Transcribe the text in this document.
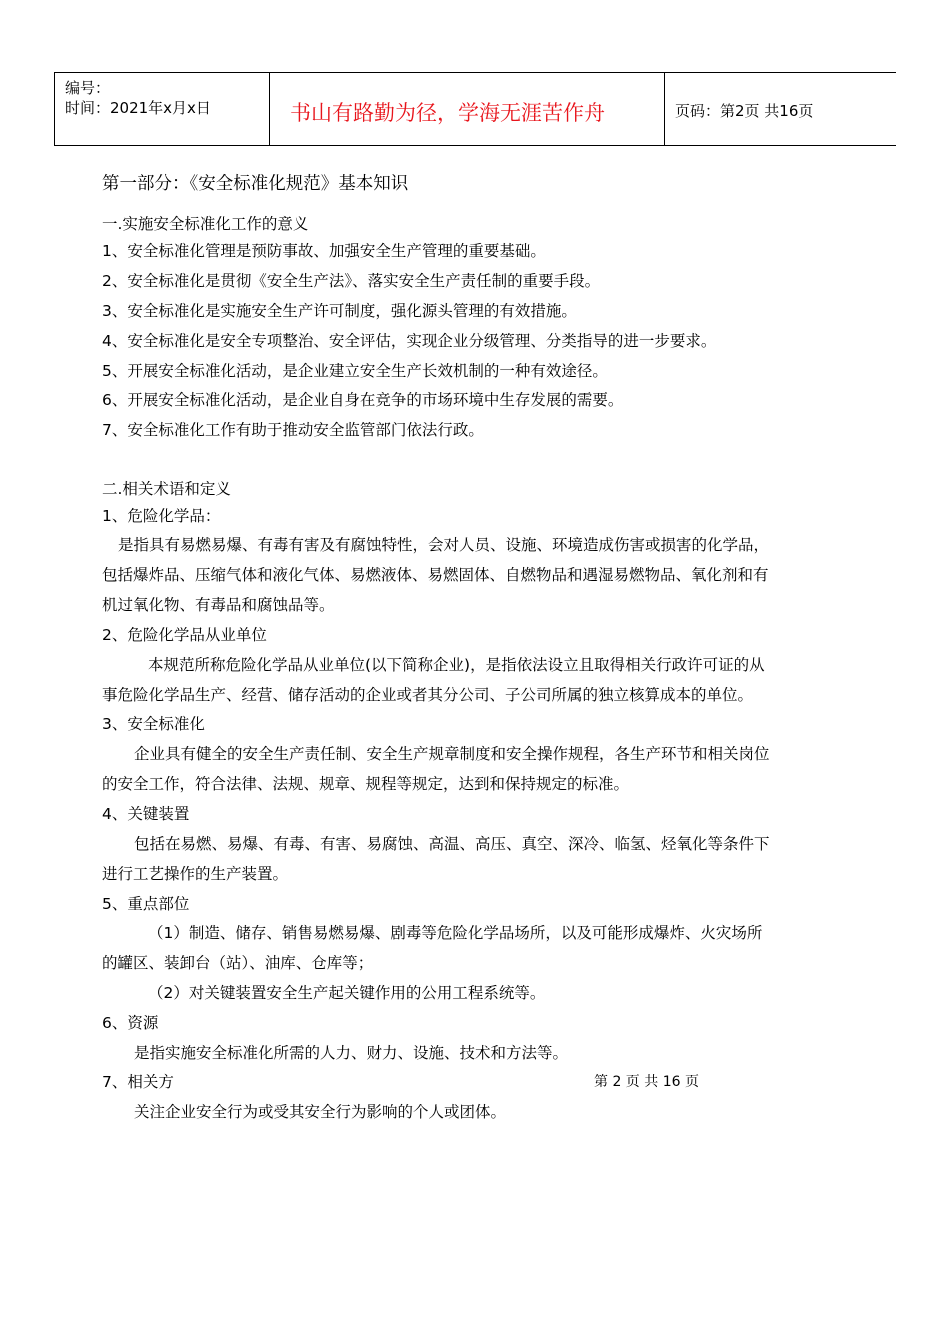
编号：
时间：2021年x月x日	书山有路勤为径，学海无涯苦作舟	页码：第2页 共16页
第一部分：《安全标准化规范》基本知识
一.实施安全标准化工作的意义
1、安全标准化管理是预防事故、加强安全生产管理的重要基础。
2、安全标准化是贯彻《安全生产法》、落实安全生产责任制的重要手段。
3、安全标准化是实施安全生产许可制度，强化源头管理的有效措施。
4、安全标准化是安全专项整治、安全评估，实现企业分级管理、分类指导的进一步要求。
5、开展安全标准化活动，是企业建立安全生产长效机制的一种有效途径。
6、开展安全标准化活动，是企业自身在竞争的市场环境中生存发展的需要。
7、安全标准化工作有助于推动安全监管部门依法行政。
二.相关术语和定义
1、危险化学品：
是指具有易燃易爆、有毒有害及有腐蚀特性，会对人员、设施、环境造成伤害或损害的化学品，
包括爆炸品、压缩气体和液化气体、易燃液体、易燃固体、自燃物品和遇湿易燃物品、氧化剂和有
机过氧化物、有毒品和腐蚀品等。
2、危险化学品从业单位
本规范所称危险化学品从业单位(以下简称企业)，是指依法设立且取得相关行政许可证的从
事危险化学品生产、经营、储存活动的企业或者其分公司、子公司所属的独立核算成本的单位。
3、安全标准化
企业具有健全的安全生产责任制、安全生产规章制度和安全操作规程，各生产环节和相关岗位
的安全工作，符合法律、法规、规章、规程等规定，达到和保持规定的标准。
4、关键装置
包括在易燃、易爆、有毒、有害、易腐蚀、高温、高压、真空、深冷、临氢、烃氧化等条件下
进行工艺操作的生产装置。
5、重点部位
（1）制造、储存、销售易燃易爆、剧毒等危险化学品场所，以及可能形成爆炸、火灾场所
的罐区、装卸台（站）、油库、仓库等；
（2）对关键装置安全生产起关键作用的公用工程系统等。
6、资源
是指实施安全标准化所需的人力、财力、设施、技术和方法等。
7、相关方
关注企业安全行为或受其安全行为影响的个人或团体。
第 2 页 共 16 页
